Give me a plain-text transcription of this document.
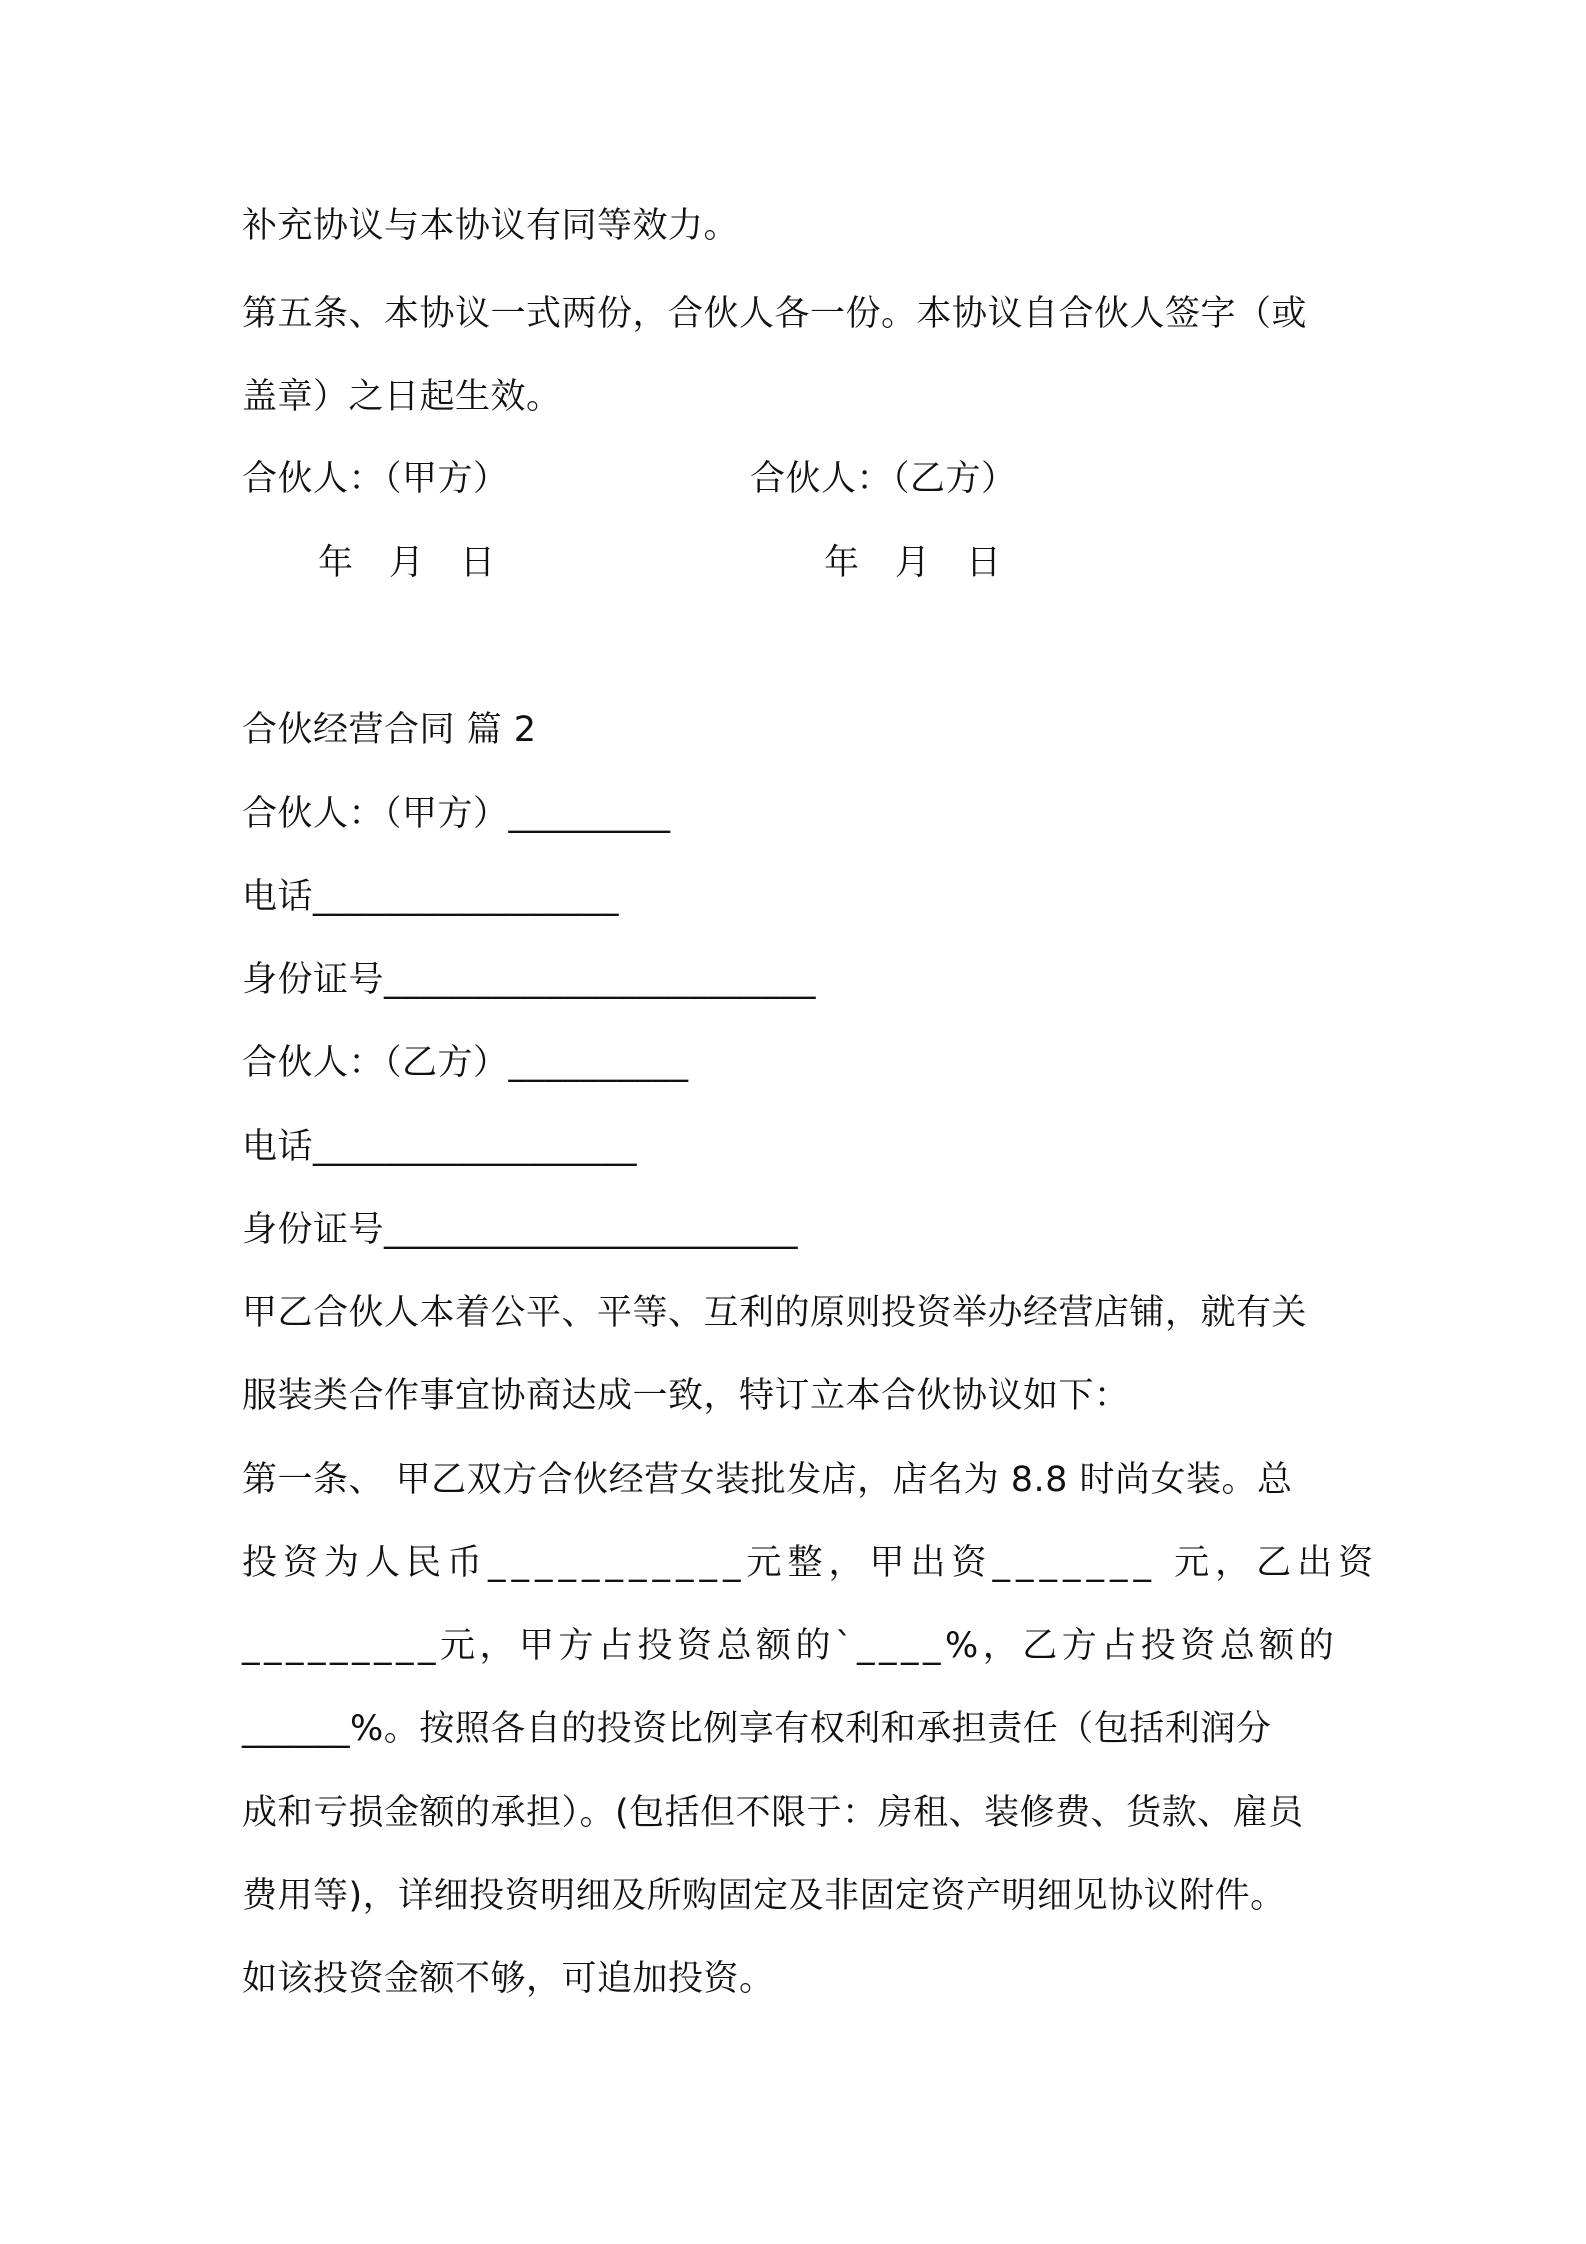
补充协议与本协议有同等效力。
第五条、本协议一式两份，合伙人各一份。本协议自合伙人签字（或
盖章）之日起生效。
合伙人：（甲方）	合伙人：（乙方）
年　月　日	年　月　日
合伙经营合同 篇 2
合伙人：（甲方）_________
电话_________________
身份证号________________________
合伙人：（乙方）__________
电话__________________
身份证号_______________________
甲乙合伙人本着公平、平等、互利的原则投资举办经营店铺，就有关
服装类合作事宜协商达成一致，特订立本合伙协议如下：
第一条、 甲乙双方合伙经营女装批发店，店名为 8.8 时尚女装。总
投资为人民币___________元整，甲出资_______ 元，乙出资
_________元，甲方占投资总额的`____%，乙方占投资总额的
______%。按照各自的投资比例享有权利和承担责任（包括利润分
成和亏损金额的承担）。(包括但不限于：房租、装修费、货款、雇员
费用等)，详细投资明细及所购固定及非固定资产明细见协议附件。
如该投资金额不够，可追加投资。
